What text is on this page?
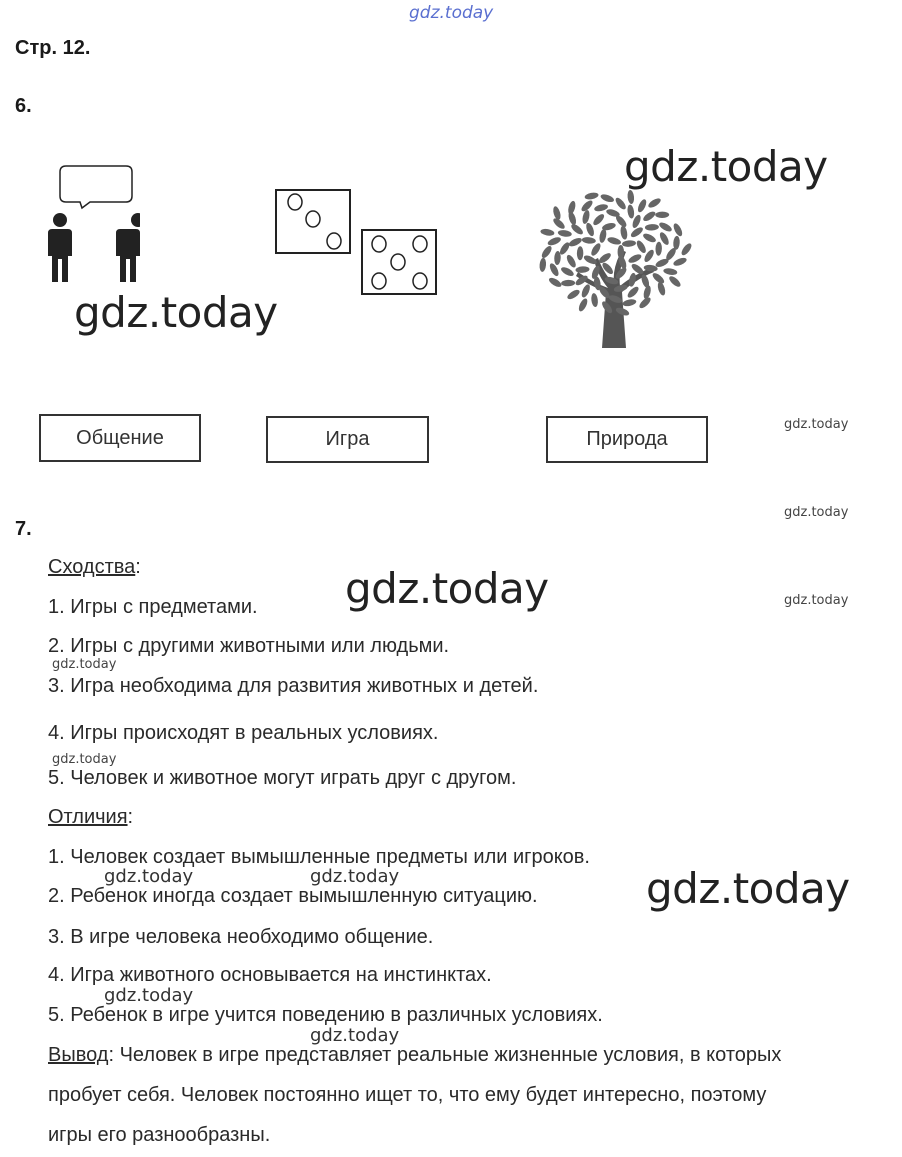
gdz.today
Стр. 12.
6.
gdz.today
gdz.today
Общение	Игра	Природа
gdz.today
gdz.today
gdz.today
7.
Сходства:	gdz.today
1. Игры с предметами.
2. Игры с другими животными или людьми.
gdz.today
3. Игра необходима для развития животных и детей.
4. Игры происходят в реальных условиях.
gdz.today
5. Человек и животное могут играть друг с другом.
Отличия:
1. Человек создает вымышленные предметы или игроков.
gdz.today	gdz.today
2. Ребенок иногда создает вымышленную ситуацию.	gdz.today
3. В игре человека необходимо общение.
4. Игра животного основывается на инстинктах.
gdz.today
5. Ребенок в игре учится поведению в различных условиях.
gdz.today
Вывод: Человек в игре представляет реальные жизненные условия, в которых
пробует себя. Человек постоянно ищет то, что ему будет интересно, поэтому
игры его разнообразны.
